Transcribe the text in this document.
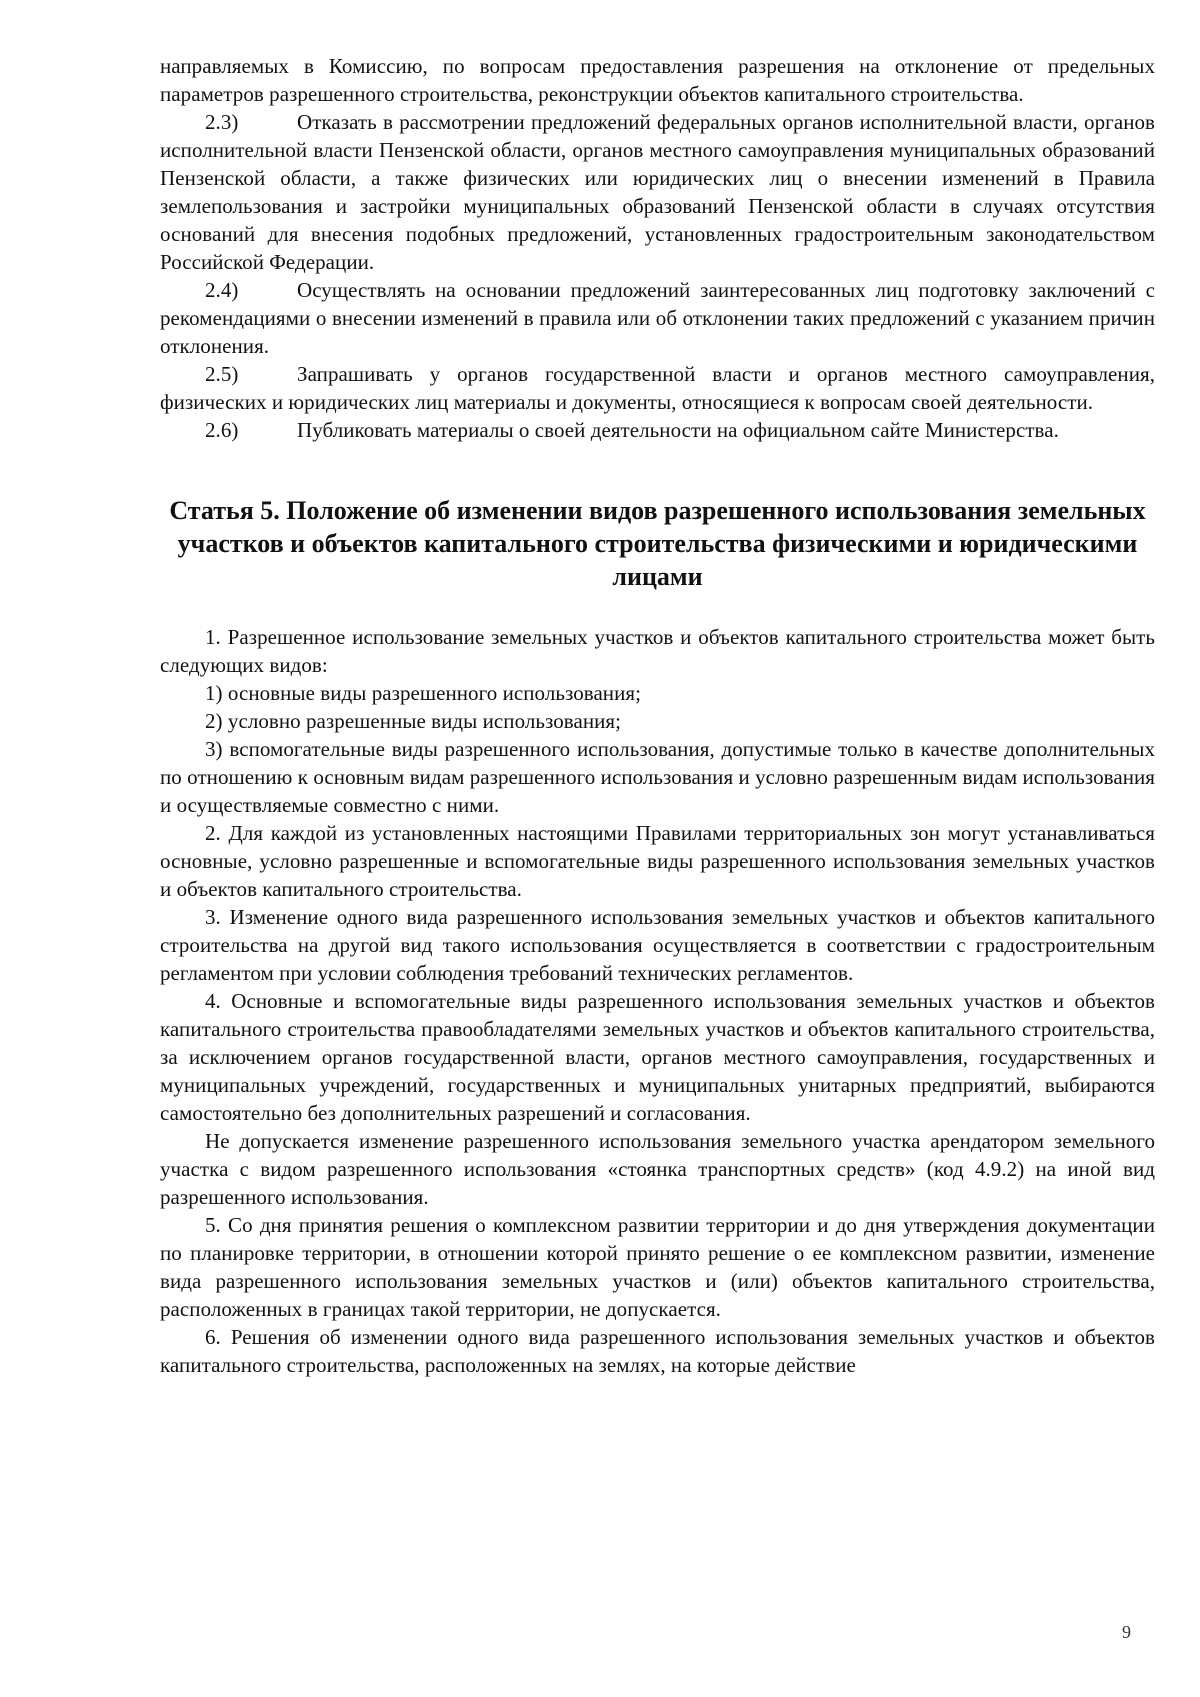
направляемых в Комиссию, по вопросам предоставления разрешения на отклонение от предельных параметров разрешенного строительства, реконструкции объектов капитального строительства.

2.3)	Отказать в рассмотрении предложений федеральных органов исполнительной власти, органов исполнительной власти Пензенской области, органов местного самоуправления муниципальных образований Пензенской области, а также физических или юридических лиц о внесении изменений в Правила землепользования и застройки муниципальных образований Пензенской области в случаях отсутствия оснований для внесения подобных предложений, установленных градостроительным законодательством Российской Федерации.

2.4)	Осуществлять на основании предложений заинтересованных лиц подготовку заключений с рекомендациями о внесении изменений в правила или об отклонении таких предложений с указанием причин отклонения.

2.5)	Запрашивать у органов государственной власти и органов местного самоуправления, физических и юридических лиц материалы и документы, относящиеся к вопросам своей деятельности.

2.6)	Публиковать материалы о своей деятельности на официальном сайте Министерства.

Статья 5. Положение об изменении видов разрешенного использования земельных участков и объектов капитального строительства физическими и юридическими лицами

1. Разрешенное использование земельных участков и объектов капитального строительства может быть следующих видов:

1) основные виды разрешенного использования;

2) условно разрешенные виды использования;

3) вспомогательные виды разрешенного использования, допустимые только в качестве дополнительных по отношению к основным видам разрешенного использования и условно разрешенным видам использования и осуществляемые совместно с ними.

2. Для каждой из установленных настоящими Правилами территориальных зон могут устанавливаться основные, условно разрешенные и вспомогательные виды разрешенного использования земельных участков и объектов капитального строительства.

3. Изменение одного вида разрешенного использования земельных участков и объектов капитального строительства на другой вид такого использования осуществляется в соответствии с градостроительным регламентом при условии соблюдения требований технических регламентов.

4. Основные и вспомогательные виды разрешенного использования земельных участков и объектов капитального строительства правообладателями земельных участков и объектов капитального строительства, за исключением органов государственной власти, органов местного самоуправления, государственных и муниципальных учреждений, государственных и муниципальных унитарных предприятий, выбираются самостоятельно без дополнительных разрешений и согласования.

Не допускается изменение разрешенного использования земельного участка арендатором земельного участка с видом разрешенного использования «стоянка транспортных средств» (код 4.9.2) на иной вид разрешенного использования.

5. Со дня принятия решения о комплексном развитии территории и до дня утверждения документации по планировке территории, в отношении которой принято решение о ее комплексном развитии, изменение вида разрешенного использования земельных участков и (или) объектов капитального строительства, расположенных в границах такой территории, не допускается.

6. Решения об изменении одного вида разрешенного использования земельных участков и объектов капитального строительства, расположенных на землях, на которые действие

9
